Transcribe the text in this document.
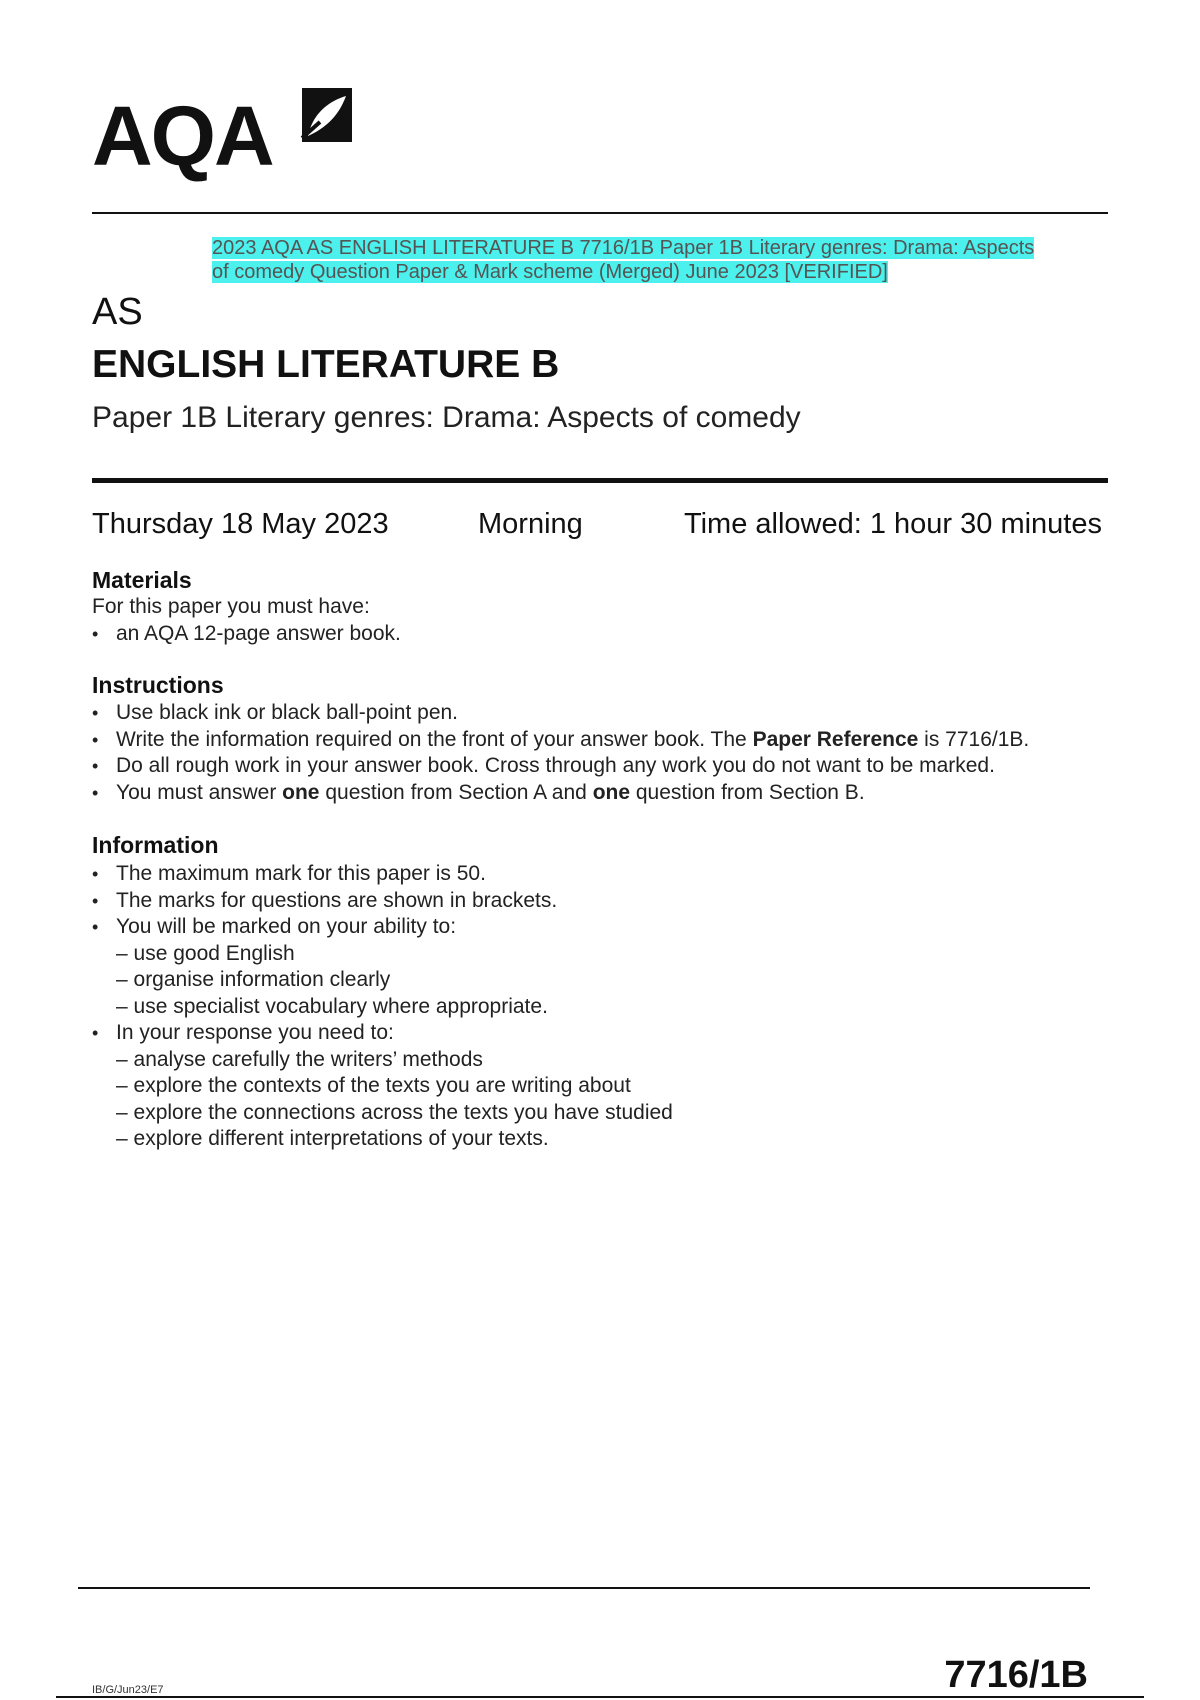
AQA
2023 AQA AS ENGLISH LITERATURE B 7716/1B Paper 1B Literary genres: Drama: Aspects of comedy Question Paper & Mark scheme (Merged) June 2023 [VERIFIED]
AS
ENGLISH LITERATURE B
Paper 1B Literary genres: Drama: Aspects of comedy
Thursday 18 May 2023	Morning	Time allowed: 1 hour 30 minutes
Materials
For this paper you must have:
• an AQA 12-page answer book.
Instructions
• Use black ink or black ball-point pen.
• Write the information required on the front of your answer book. The Paper Reference is 7716/1B.
• Do all rough work in your answer book. Cross through any work you do not want to be marked.
• You must answer one question from Section A and one question from Section B.
Information
• The maximum mark for this paper is 50.
• The marks for questions are shown in brackets.
• You will be marked on your ability to:
– use good English
– organise information clearly
– use specialist vocabulary where appropriate.
• In your response you need to:
– analyse carefully the writers’ methods
– explore the contexts of the texts you are writing about
– explore the connections across the texts you have studied
– explore different interpretations of your texts.
IB/G/Jun23/E7	7716/1B
